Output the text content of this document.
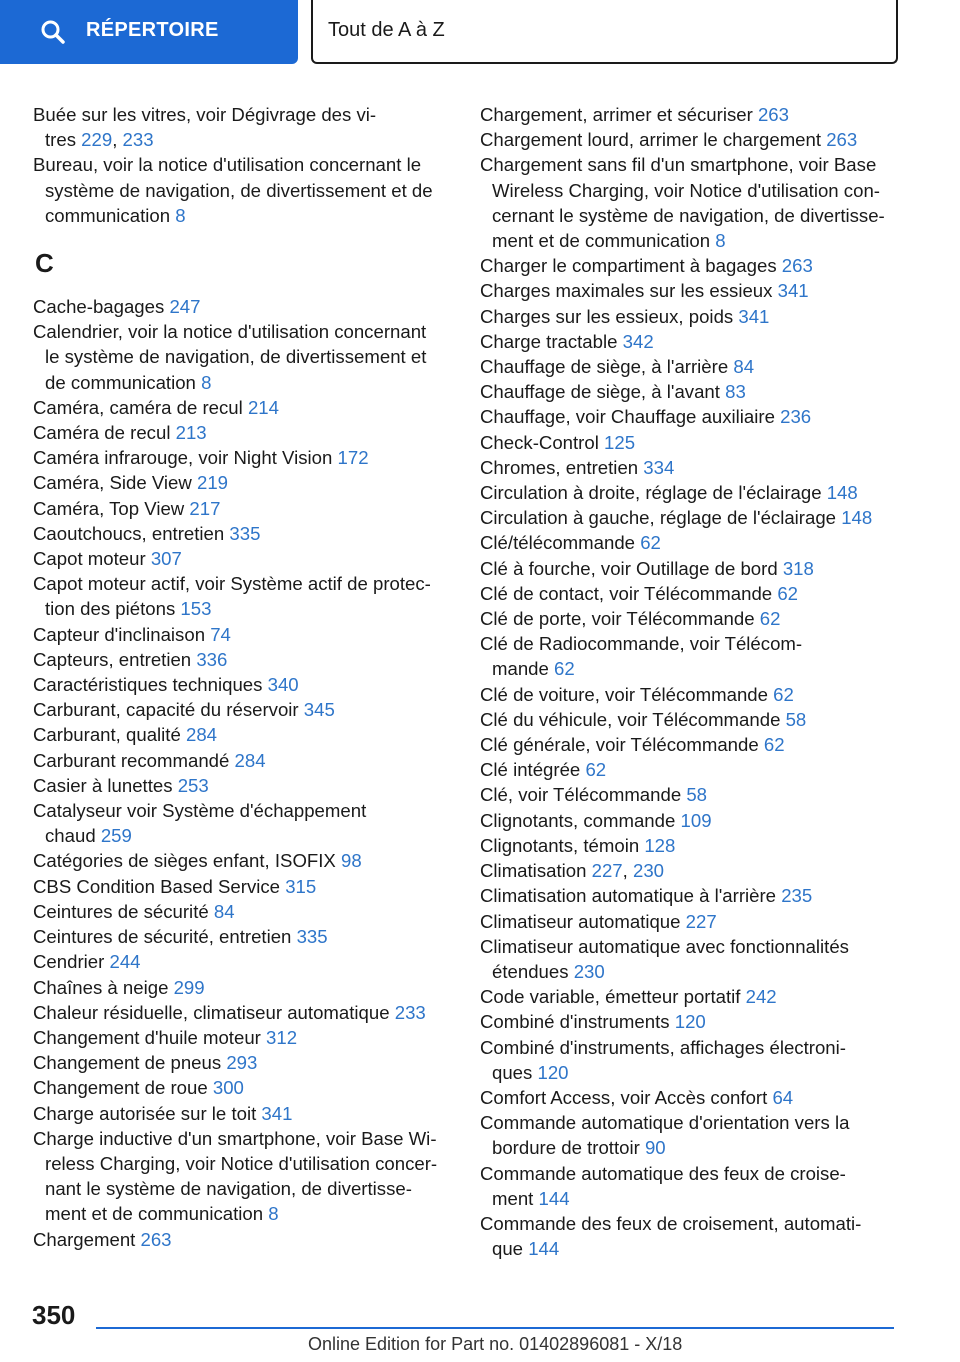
RÉPERTOIRE	Tout de A à Z
Buée sur les vitres, voir Dégivrage des vi‐
tres 229, 233
Bureau, voir la notice d'utilisation concernant le
système de navigation, de divertissement et de
communication 8
C
Cache-bagages 247
Calendrier, voir la notice d'utilisation concernant
le système de navigation, de divertissement et
de communication 8
Caméra, caméra de recul 214
Caméra de recul 213
Caméra infrarouge, voir Night Vision 172
Caméra, Side View 219
Caméra, Top View 217
Caoutchoucs, entretien 335
Capot moteur 307
Capot moteur actif, voir Système actif de protec‐
tion des piétons 153
Capteur d'inclinaison 74
Capteurs, entretien 336
Caractéristiques techniques 340
Carburant, capacité du réservoir 345
Carburant, qualité 284
Carburant recommandé 284
Casier à lunettes 253
Catalyseur voir Système d'échappement
chaud 259
Catégories de sièges enfant, ISOFIX 98
CBS Condition Based Service 315
Ceintures de sécurité 84
Ceintures de sécurité, entretien 335
Cendrier 244
Chaînes à neige 299
Chaleur résiduelle, climatiseur automatique 233
Changement d'huile moteur 312
Changement de pneus 293
Changement de roue 300
Charge autorisée sur le toit 341
Charge inductive d'un smartphone, voir Base Wi‐
reless Charging, voir Notice d'utilisation concer‐
nant le système de navigation, de divertisse‐
ment et de communication 8
Chargement 263
Chargement, arrimer et sécuriser 263
Chargement lourd, arrimer le chargement 263
Chargement sans fil d'un smartphone, voir Base
Wireless Charging, voir Notice d'utilisation con‐
cernant le système de navigation, de divertisse‐
ment et de communication 8
Charger le compartiment à bagages 263
Charges maximales sur les essieux 341
Charges sur les essieux, poids 341
Charge tractable 342
Chauffage de siège, à l'arrière 84
Chauffage de siège, à l'avant 83
Chauffage, voir Chauffage auxiliaire 236
Check-Control 125
Chromes, entretien 334
Circulation à droite, réglage de l'éclairage 148
Circulation à gauche, réglage de l'éclairage 148
Clé/télécommande 62
Clé à fourche, voir Outillage de bord 318
Clé de contact, voir Télécommande 62
Clé de porte, voir Télécommande 62
Clé de Radiocommande, voir Télécom‐
mande 62
Clé de voiture, voir Télécommande 62
Clé du véhicule, voir Télécommande 58
Clé générale, voir Télécommande 62
Clé intégrée 62
Clé, voir Télécommande 58
Clignotants, commande 109
Clignotants, témoin 128
Climatisation 227, 230
Climatisation automatique à l'arrière 235
Climatiseur automatique 227
Climatiseur automatique avec fonctionnalités
étendues 230
Code variable, émetteur portatif 242
Combiné d'instruments 120
Combiné d'instruments, affichages électroni‐
ques 120
Comfort Access, voir Accès confort 64
Commande automatique d'orientation vers la
bordure de trottoir 90
Commande automatique des feux de croise‐
ment 144
Commande des feux de croisement, automati‐
que 144
350
Online Edition for Part no. 01402896081 - X/18
